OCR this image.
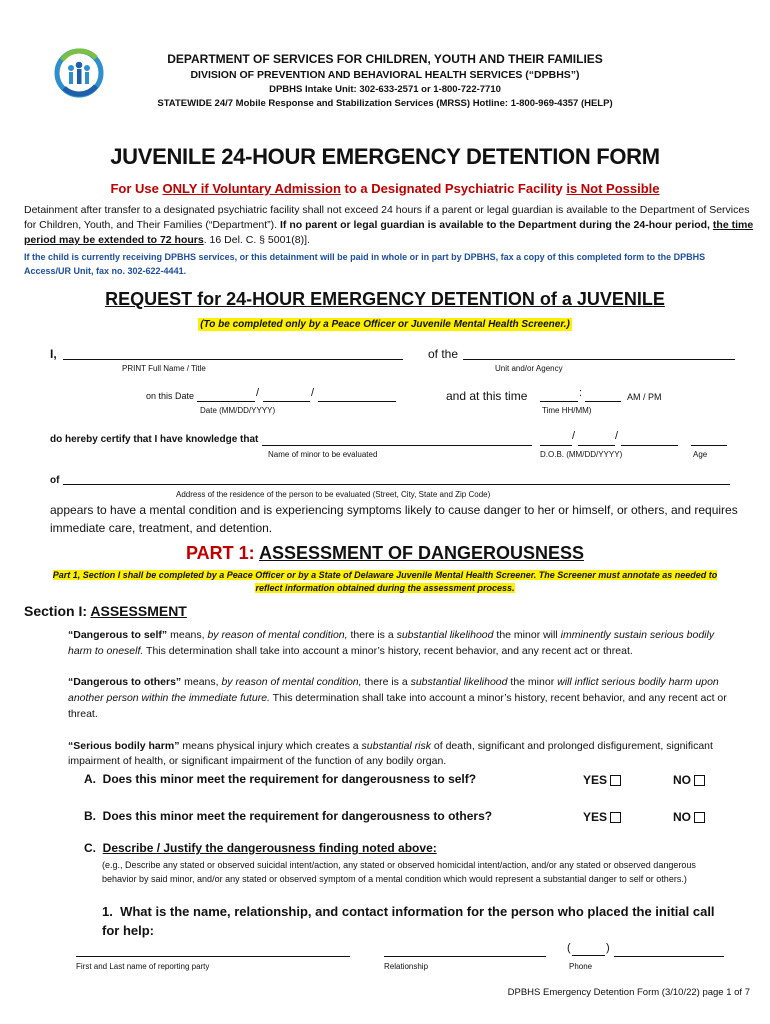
DEPARTMENT OF SERVICES FOR CHILDREN, YOUTH AND THEIR FAMILIES
DIVISION OF PREVENTION AND BEHAVIORAL HEALTH SERVICES (“DPBHS”)
DPBHS Intake Unit: 302-633-2571 or 1-800-722-7710
STATEWIDE 24/7 Mobile Response and Stabilization Services (MRSS) Hotline: 1-800-969-4357 (HELP)
JUVENILE 24-HOUR EMERGENCY DETENTION FORM
For Use ONLY if Voluntary Admission to a Designated Psychiatric Facility is Not Possible
Detainment after transfer to a designated psychiatric facility shall not exceed 24 hours if a parent or legal guardian is available to the Department of Services for Children, Youth, and Their Families (“Department”). If no parent or legal guardian is available to the Department during the 24-hour period, the time period may be extended to 72 hours. 16 Del. C. § 5001(8)].
If the child is currently receiving DPBHS services, or this detainment will be paid in whole or in part by DPBHS, fax a copy of this completed form to the DPBHS Access/UR Unit, fax no. 302-622-4441.
REQUEST for 24-HOUR EMERGENCY DETENTION of a JUVENILE
(To be completed only by a Peace Officer or Juvenile Mental Health Screener.)
I,
PRINT Full Name / Title
of the
Unit and/or Agency
on this Date	/	/
Date (MM/DD/YYYY)
and at this time	:	AM / PM
Time HH/MM)
do hereby certify that I have knowledge that
Name of minor to be evaluated
/	/
D.O.B. (MM/DD/YYYY)	Age
of
Address of the residence of the person to be evaluated (Street, City, State and Zip Code)
appears to have a mental condition and is experiencing symptoms likely to cause danger to her or himself, or others, and requires immediate care, treatment, and detention.
PART 1: ASSESSMENT OF DANGEROUSNESS
Part 1, Section I shall be completed by a Peace Officer or by a State of Delaware Juvenile Mental Health Screener. The Screener must annotate as needed to reflect information obtained during the assessment process.
Section I: ASSESSMENT
“Dangerous to self” means, by reason of mental condition, there is a substantial likelihood the minor will imminently sustain serious bodily harm to oneself. This determination shall take into account a minor’s history, recent behavior, and any recent act or threat.
“Dangerous to others” means, by reason of mental condition, there is a substantial likelihood the minor will inflict serious bodily harm upon another person within the immediate future. This determination shall take into account a minor’s history, recent behavior, and any recent act or threat.
“Serious bodily harm” means physical injury which creates a substantial risk of death, significant and prolonged disfigurement, significant impairment of health, or significant impairment of the function of any bodily organ.
A. Does this minor meet the requirement for dangerousness to self?	YES	NO
B. Does this minor meet the requirement for dangerousness to others?	YES	NO
C. Describe / Justify the dangerousness finding noted above:
(e.g., Describe any stated or observed suicidal intent/action, any stated or observed homicidal intent/action, and/or any stated or observed dangerous behavior by said minor, and/or any stated or observed symptom of a mental condition which would represent a substantial danger to self or others.)
1. What is the name, relationship, and contact information for the person who placed the initial call for help:
First and Last name of reporting party	Relationship
(	)
Phone
DPBHS Emergency Detention Form (3/10/22) page 1 of 7
